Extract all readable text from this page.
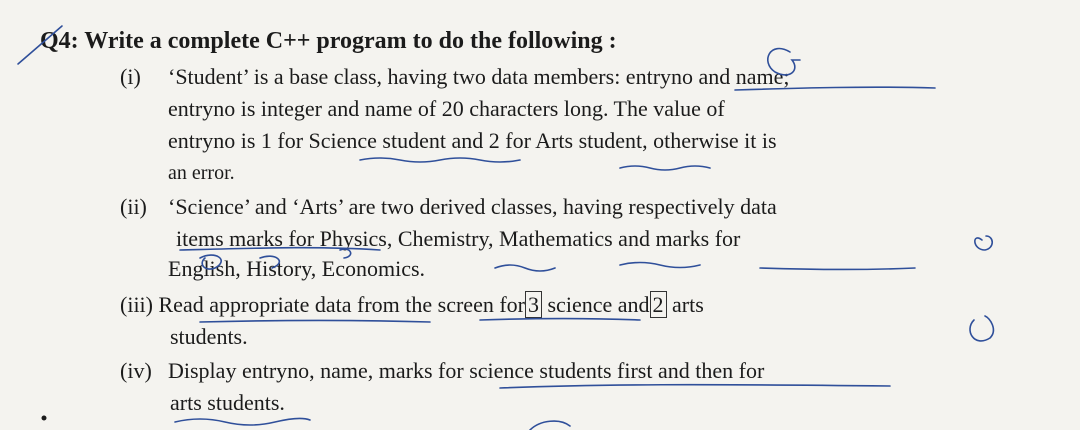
Q4: Write a complete C++ program to do the following :
(i) ‘Student’ is a base class, having two data members: entryno and name;
entryno is integer and name of 20 characters long. The value of
entryno is 1 for Science student and 2 for Arts student, otherwise it is
an error.
(ii) ‘Science’ and ‘Arts’ are two derived classes, having respectively data
items marks for Physics, Chemistry, Mathematics and marks for
English, History, Economics.
(iii) Read appropriate data from the screen for 3 science and 2 arts
students.
(iv) Display entryno, name, marks for science students first and then for
arts students.
